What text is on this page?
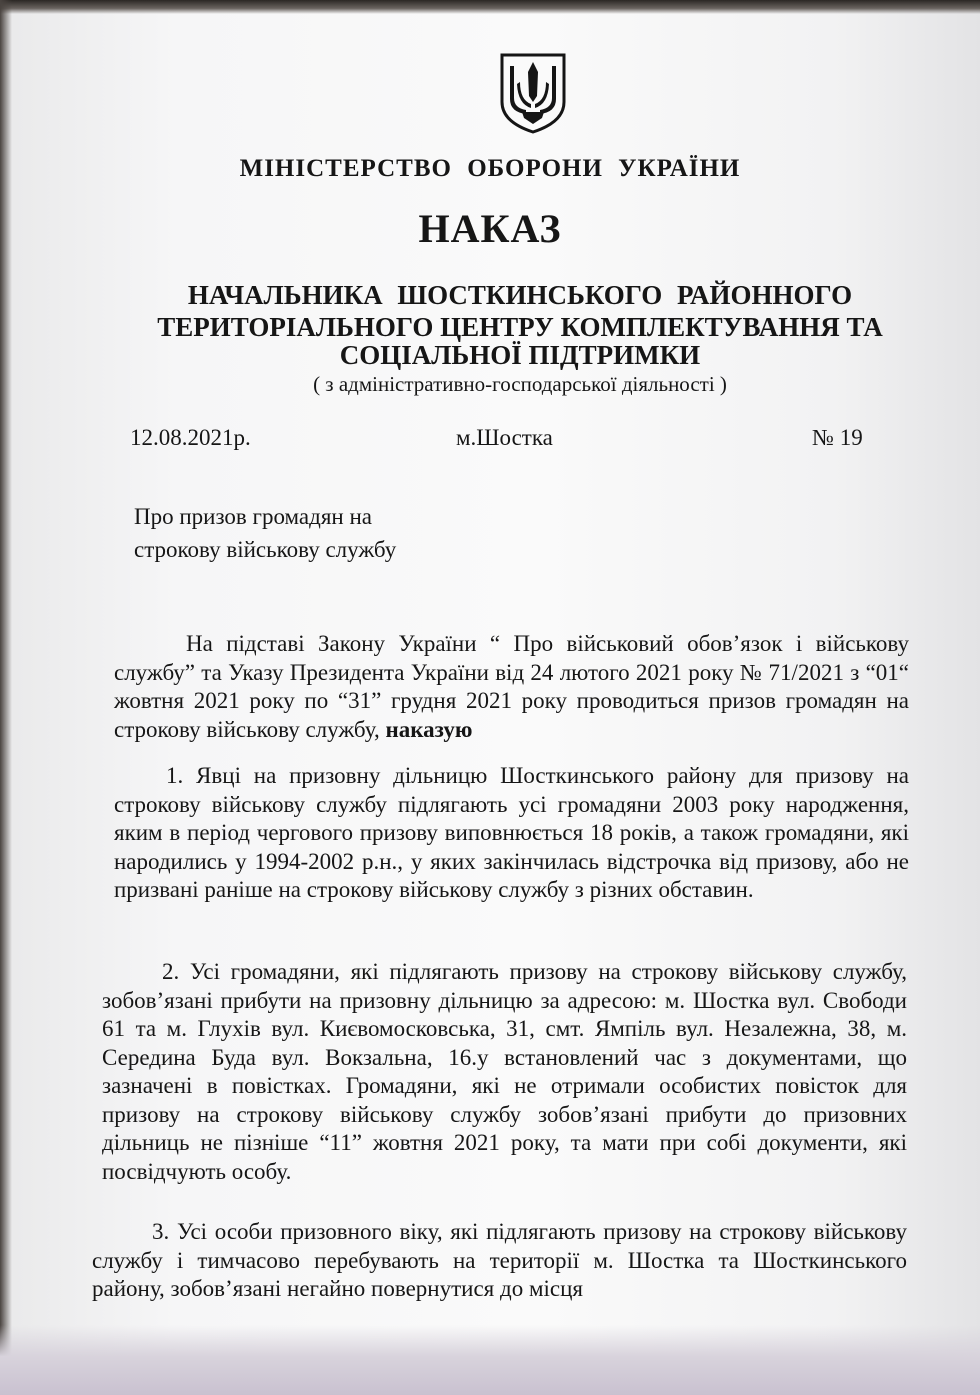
МІНІСТЕРСТВО ОБОРОНИ УКРАЇНИ
НАКАЗ
НАЧАЛЬНИКА ШОСТКИНСЬКОГО РАЙОННОГО
ТЕРИТОРІАЛЬНОГО ЦЕНТРУ КОМПЛЕКТУВАННЯ ТА
СОЦІАЛЬНОЇ ПІДТРИМКИ
( з адміністративно-господарської діяльності )
12.08.2021р.	м.Шостка	№ 19
Про призов громадян на
строкову військову службу

На підставі Закону України “ Про військовий обов’язок і військову службу” та Указу Президента України від 24 лютого 2021 року № 71/2021 з “01“ жовтня 2021 року по “31” грудня 2021 року проводиться призов громадян на строкову військову службу, наказую

1. Явці на призовну дільницю Шосткинського району для призову на строкову військову службу підлягають усі громадяни 2003 року народження, яким в період чергового призову виповнюється 18 років, а також громадяни, які народились у 1994-2002 р.н., у яких закінчилась відстрочка від призову, або не призвані раніше на строкову військову службу з різних обставин.

2. Усі громадяни, які підлягають призову на строкову військову службу, зобов’язані прибути на призовну дільницю за адресою: м. Шостка вул. Свободи 61 та м. Глухів вул. Києвомосковська, 31, смт. Ямпіль вул. Незалежна, 38, м. Середина Буда вул. Вокзальна, 16.у встановлений час з документами, що зазначені в повістках. Громадяни, які не отримали особистих повісток для призову на строкову військову службу зобов’язані прибути до призовних дільниць не пізніше “11” жовтня 2021 року, та мати при собі документи, які посвідчують особу.

3. Усі особи призовного віку, які підлягають призову на строкову військову службу і тимчасово перебувають на території м. Шостка та Шосткинського району, зобов’язані негайно повернутися до місця
